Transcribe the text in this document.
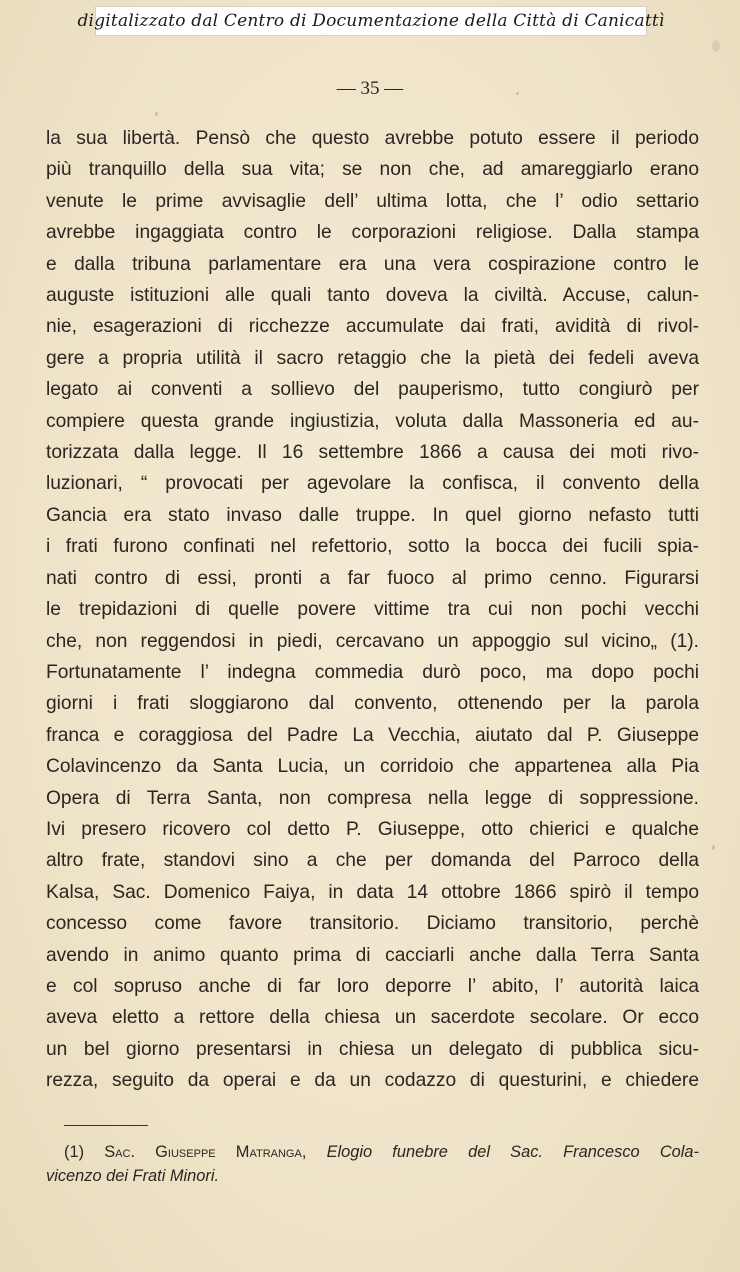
digitalizzato dal Centro di Documentazione della Città di Canicattì
— 35 —
la sua libertà. Pensò che questo avrebbe potuto essere il periodo
più tranquillo della sua vita; se non che, ad amareggiarlo erano
venute le prime avvisaglie dell’ ultima lotta, che l’ odio settario
avrebbe ingaggiata contro le corporazioni religiose. Dalla stampa
e dalla tribuna parlamentare era una vera cospirazione contro le
auguste istituzioni alle quali tanto doveva la civiltà. Accuse, calun-
nie, esagerazioni di ricchezze accumulate dai frati, avidità di rivol-
gere a propria utilità il sacro retaggio che la pietà dei fedeli aveva
legato ai conventi a sollievo del pauperismo, tutto congiurò per
compiere questa grande ingiustizia, voluta dalla Massoneria ed au-
torizzata dalla legge. Il 16 settembre 1866 a causa dei moti rivo-
luzionari, “ provocati per agevolare la confisca, il convento della
Gancia era stato invaso dalle truppe. In quel giorno nefasto tutti
i frati furono confinati nel refettorio, sotto la bocca dei fucili spia-
nati contro di essi, pronti a far fuoco al primo cenno. Figurarsi
le trepidazioni di quelle povere vittime tra cui non pochi vecchi
che, non reggendosi in piedi, cercavano un appoggio sul vicino„ (1).
Fortunatamente l’ indegna commedia durò poco, ma dopo pochi
giorni i frati sloggiarono dal convento, ottenendo per la parola
franca e coraggiosa del Padre La Vecchia, aiutato dal P. Giuseppe
Colavincenzo da Santa Lucia, un corridoio che appartenea alla Pia
Opera di Terra Santa, non compresa nella legge di soppressione.
Ivi presero ricovero col detto P. Giuseppe, otto chierici e qualche
altro frate, standovi sino a che per domanda del Parroco della
Kalsa, Sac. Domenico Faiya, in data 14 ottobre 1866 spirò il tempo
concesso come favore transitorio. Diciamo transitorio, perchè
avendo in animo quanto prima di cacciarli anche dalla Terra Santa
e col sopruso anche di far loro deporre l’ abito, l’ autorità laica
aveva eletto a rettore della chiesa un sacerdote secolare. Or ecco
un bel giorno presentarsi in chiesa un delegato di pubblica sicu-
rezza, seguito da operai e da un codazzo di questurini, e chiedere
(1) Sac. Giuseppe Matranga, Elogio funebre del Sac. Francesco Cola-
vicenzo dei Frati Minori.
